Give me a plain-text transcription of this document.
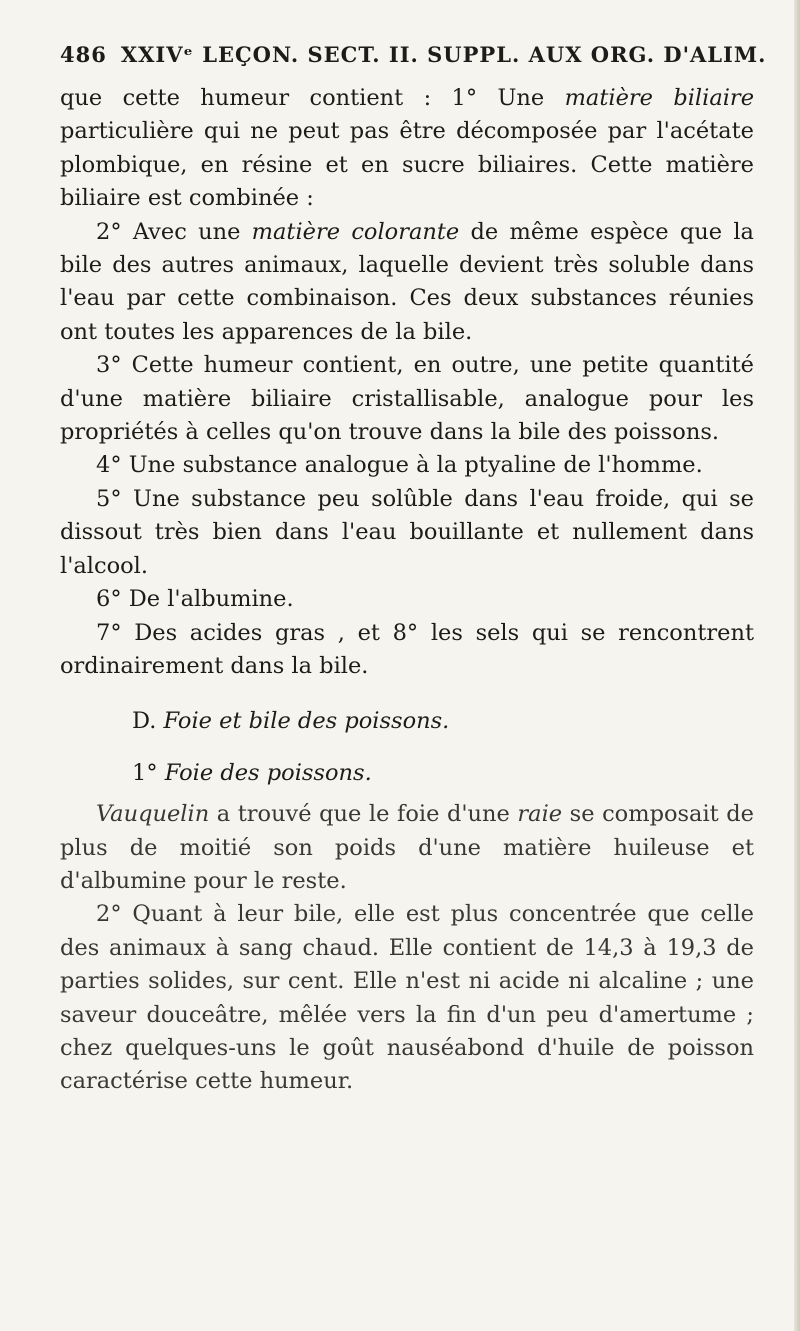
486 XXIVᵉ LEÇON. SECT. II. SUPPL. AUX ORG. D'ALIM.

que cette humeur contient : 1° Une matière biliaire particulière qui ne peut pas être décomposée par l'acétate plombique, en résine et en sucre biliaires. Cette matière biliaire est combinée :

2° Avec une matière colorante de même espèce que la bile des autres animaux, laquelle devient très soluble dans l'eau par cette combinaison. Ces deux substances réunies ont toutes les apparences de la bile.

3° Cette humeur contient, en outre, une petite quantité d'une matière biliaire cristallisable, analogue pour les propriétés à celles qu'on trouve dans la bile des poissons.

4° Une substance analogue à la ptyaline de l'homme.

5° Une substance peu solûble dans l'eau froide, qui se dissout très bien dans l'eau bouillante et nullement dans l'alcool.

6° De l'albumine.

7° Des acides gras , et 8° les sels qui se rencontrent ordinairement dans la bile.

D. Foie et bile des poissons.

1° Foie des poissons.

Vauquelin a trouvé que le foie d'une raie se composait de plus de moitié son poids d'une matière huileuse et d'albumine pour le reste.

2° Quant à leur bile, elle est plus concentrée que celle des animaux à sang chaud. Elle contient de 14,3 à 19,3 de parties solides, sur cent. Elle n'est ni acide ni alcaline ; une saveur douceâtre, mêlée vers la fin d'un peu d'amertume ; chez quelques-uns le goût nauséabond d'huile de poisson caractérise cette humeur.
